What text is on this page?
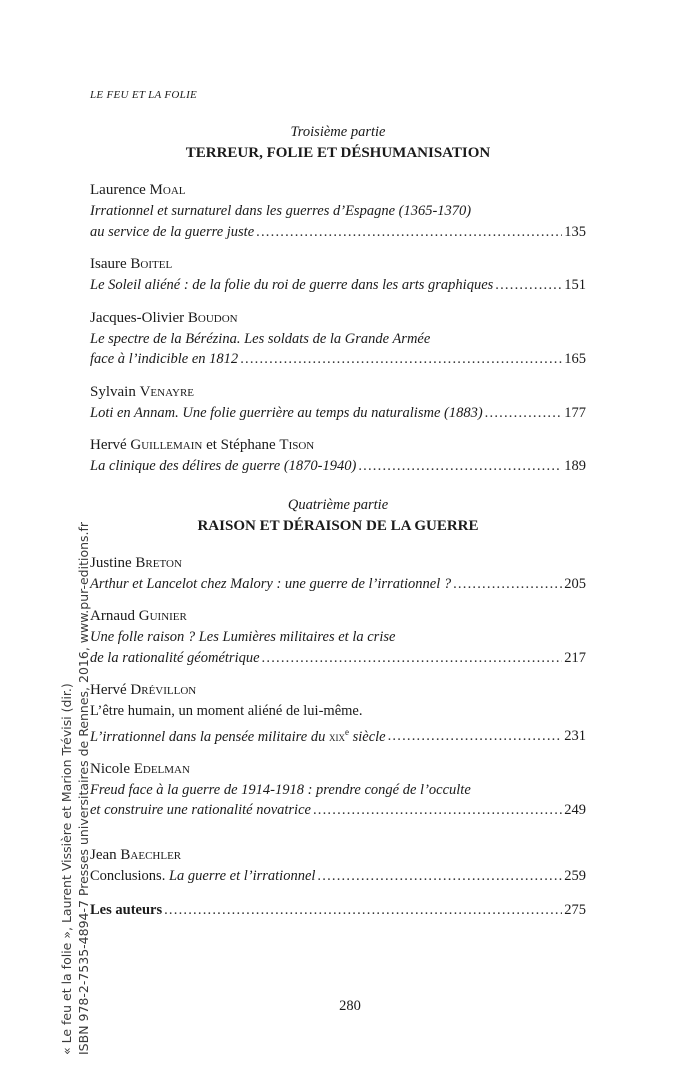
LE FEU ET LA FOLIE
Troisième partie
TERREUR, FOLIE ET DÉSHUMANISATION
Laurence Moal
Irrationnel et surnaturel dans les guerres d’Espagne (1365-1370)
au service de la guerre juste .....	135
Isaure Boitel
Le Soleil aliéné : de la folie du roi de guerre dans les arts graphiques .....	151
Jacques-Olivier Boudon
Le spectre de la Bérézina. Les soldats de la Grande Armée
face à l’indicible en 1812 .....	165
Sylvain Venayre
Loti en Annam. Une folie guerrière au temps du naturalisme (1883) .....	177
Hervé Guillemain et Stéphane Tison
La clinique des délires de guerre (1870-1940) .....	189
Quatrième partie
RAISON ET DÉRAISON DE LA GUERRE
Justine Breton
Arthur et Lancelot chez Malory : une guerre de l’irrationnel ? .....	205
Arnaud Guinier
Une folle raison ? Les Lumières militaires et la crise
de la rationalité géométrique .....	217
Hervé Drévillon
L’être humain, un moment aliéné de lui-même.
L’irrationnel dans la pensée militaire du xix$^e$ siècle .....	231
Nicole Edelman
Freud face à la guerre de 1914-1918 : prendre congé de l’occulte
et construire une rationalité novatrice .....	249
Jean Baechler
Conclusions. La guerre et l’irrationnel .....	259
Les auteurs .....	275
280
« Le feu et la folie », Laurent Vissière et Marion Trévisi (dir.) ISBN 978-2-7535-4894-7 Presses universitaires de Rennes, 2016, www.pur-editions.fr
